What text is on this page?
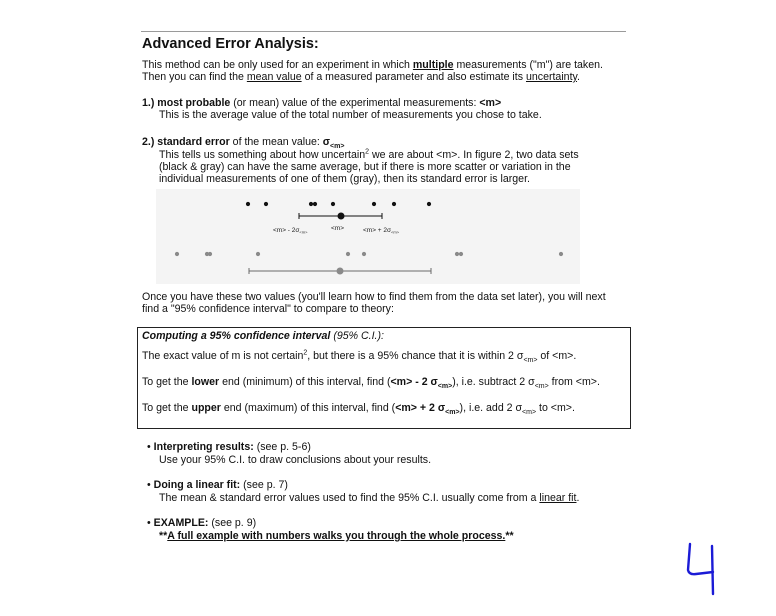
Advanced Error Analysis:
This method can be only used for an experiment in which multiple measurements ("m") are taken.
Then you can find the mean value of a measured parameter and also estimate its uncertainty.
1.) most probable (or mean) value of the experimental measurements: <m>
This is the average value of the total number of measurements you chose to take.
2.) standard error of the mean value: $\sigma_{<m>}$
This tells us something about how uncertain$^2$ we are about <m>. In figure 2, two data sets
(black & gray) can have the same average, but if there is more scatter or variation in the
individual measurements of one of them (gray), then its standard error is larger.
$<m> - 2\sigma_{<m>}$	<m>	$<m> + 2\sigma_{<m>}$
Once you have these two values (you'll learn how to find them from the data set later), you will next
find a "95% confidence interval" to compare to theory:
Computing a 95% confidence interval (95% C.I.):
The exact value of m is not certain$^2$, but there is a 95% chance that it is within 2 $\sigma_{<m>}$ of <m>.
To get the lower end (minimum) of this interval, find (<m> - 2 $\sigma_{<m>}$), i.e. subtract 2 $\sigma_{<m>}$ from <m>.
To get the upper end (maximum) of this interval, find (<m> + 2 $\sigma_{<m>}$), i.e. add 2 $\sigma_{<m>}$ to <m>.
• Interpreting results: (see p. 5-6)
Use your 95% C.I. to draw conclusions about your results.
• Doing a linear fit: (see p. 7)
The mean & standard error values used to find the 95% C.I. usually come from a linear fit.
• EXAMPLE: (see p. 9)
**A full example with numbers walks you through the whole process.**
4
